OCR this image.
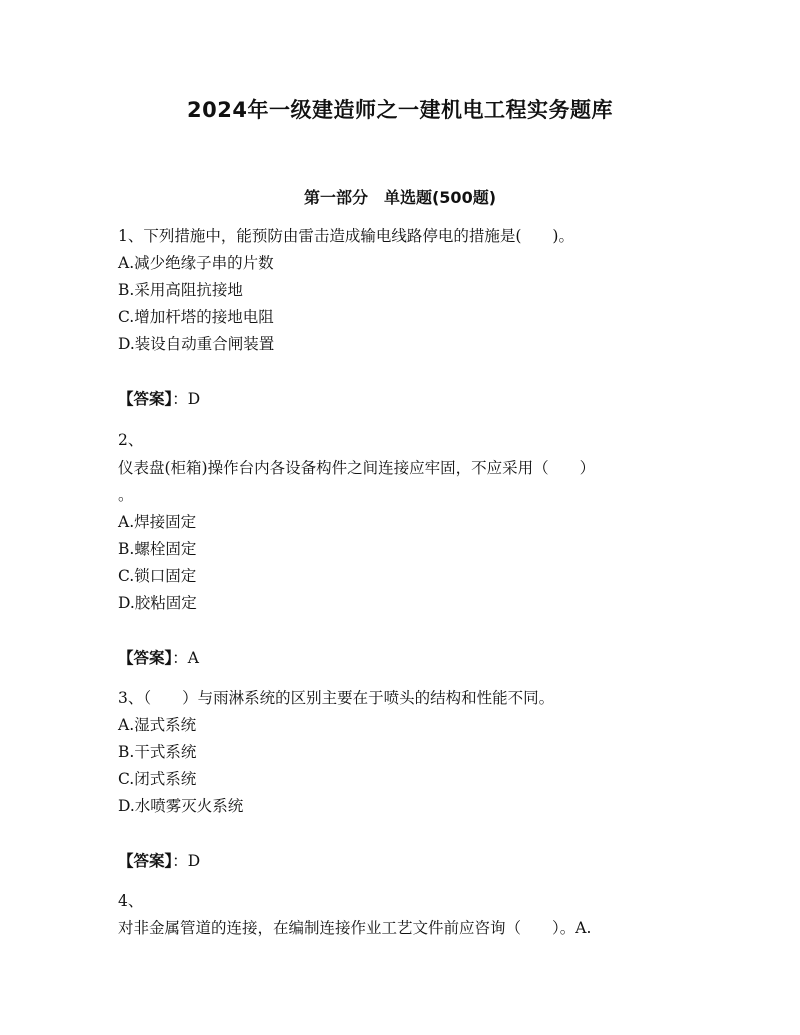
2024年一级建造师之一建机电工程实务题库
第一部分　单选题(500题)
1、下列措施中，能预防由雷击造成输电线路停电的措施是(　　)。
A.减少绝缘子串的片数
B.采用高阻抗接地
C.增加杆塔的接地电阻
D.装设自动重合闸装置
【答案】：D
2、
仪表盘(柜箱)操作台内各设备构件之间连接应牢固，不应采用（　　）
。
A.焊接固定
B.螺栓固定
C.锁口固定
D.胶粘固定
【答案】：A
3、（　　）与雨淋系统的区别主要在于喷头的结构和性能不同。
A.湿式系统
B.干式系统
C.闭式系统
D.水喷雾灭火系统
【答案】：D
4、
对非金属管道的连接，在编制连接作业工艺文件前应咨询（　　）。A.
